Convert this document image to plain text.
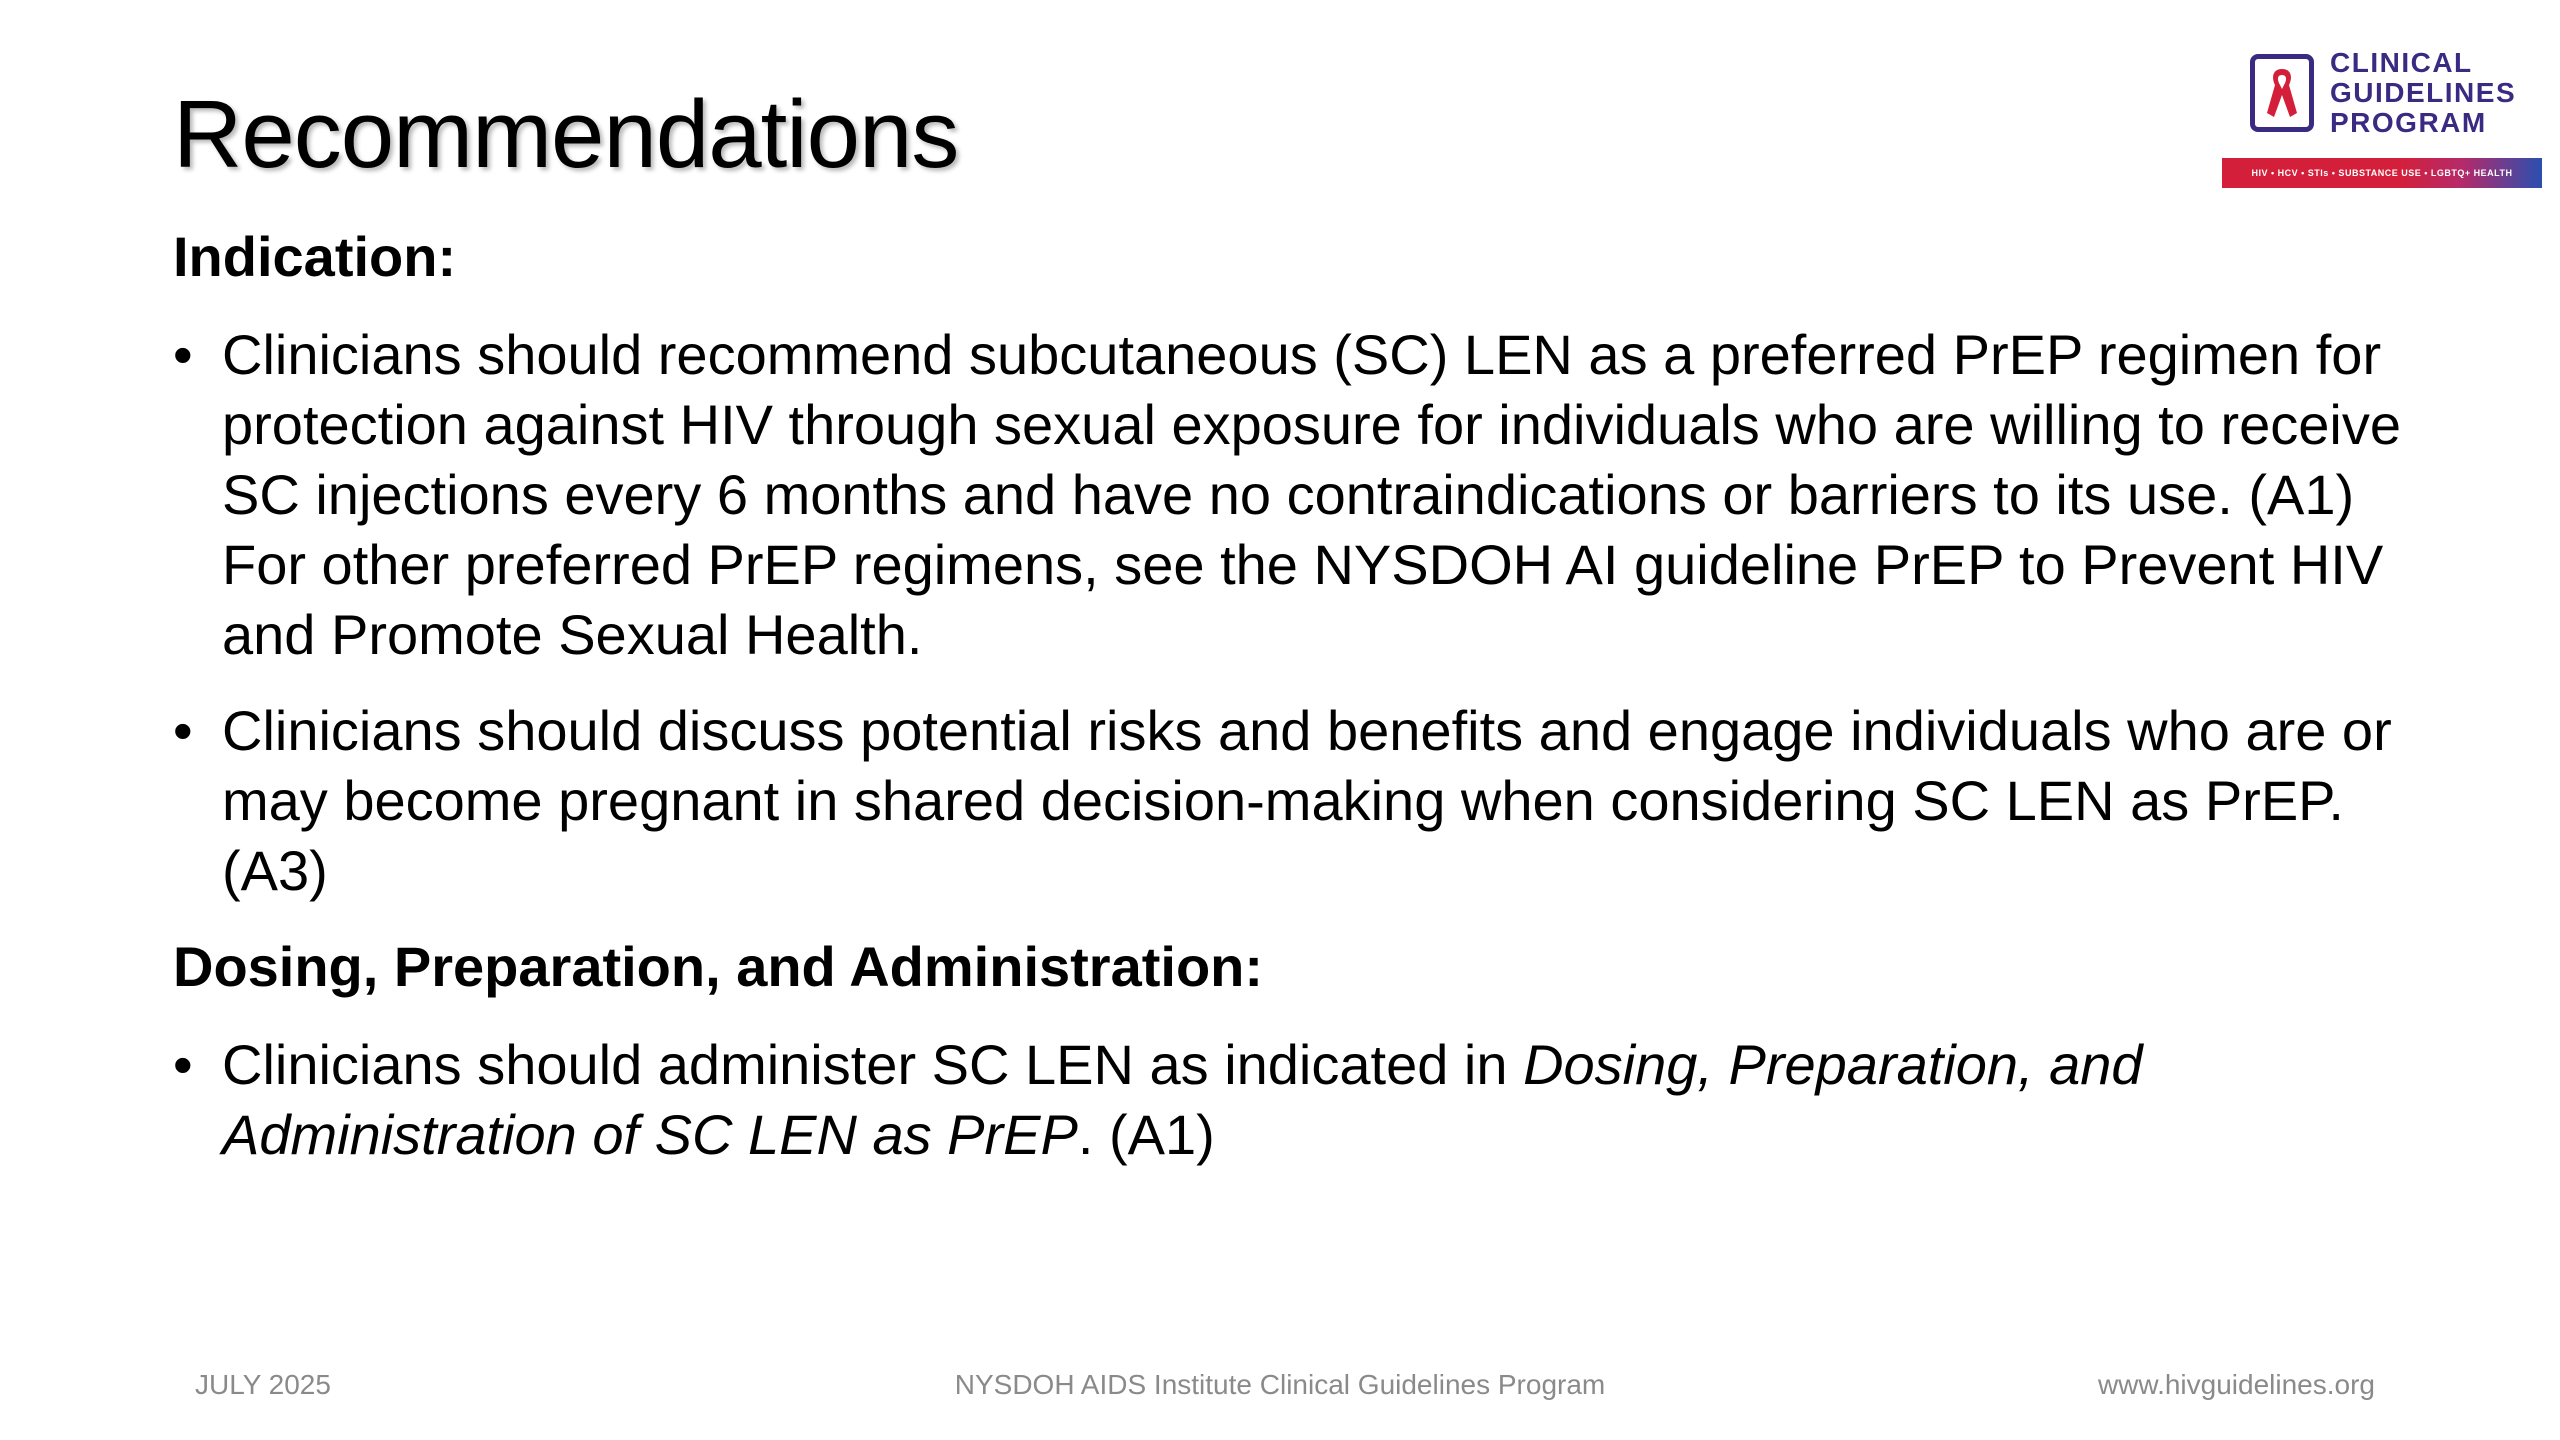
Recommendations
CLINICAL
GUIDELINES
PROGRAM
HIV • HCV • STIs • SUBSTANCE USE • LGBTQ+ HEALTH

Indication:

• Clinicians should recommend subcutaneous (SC) LEN as a preferred PrEP regimen for protection against HIV through sexual exposure for individuals who are willing to receive SC injections every 6 months and have no contraindications or barriers to its use. (A1) For other preferred PrEP regimens, see the NYSDOH AI guideline PrEP to Prevent HIV and Promote Sexual Health.
• Clinicians should discuss potential risks and benefits and engage individuals who are or may become pregnant in shared decision-making when considering SC LEN as PrEP. (A3)

Dosing, Preparation, and Administration:

• Clinicians should administer SC LEN as indicated in Dosing, Preparation, and Administration of SC LEN as PrEP. (A1)
NYSDOH AIDS Institute Clinical Guidelines Program
JULY 2025	www.hivguidelines.org
